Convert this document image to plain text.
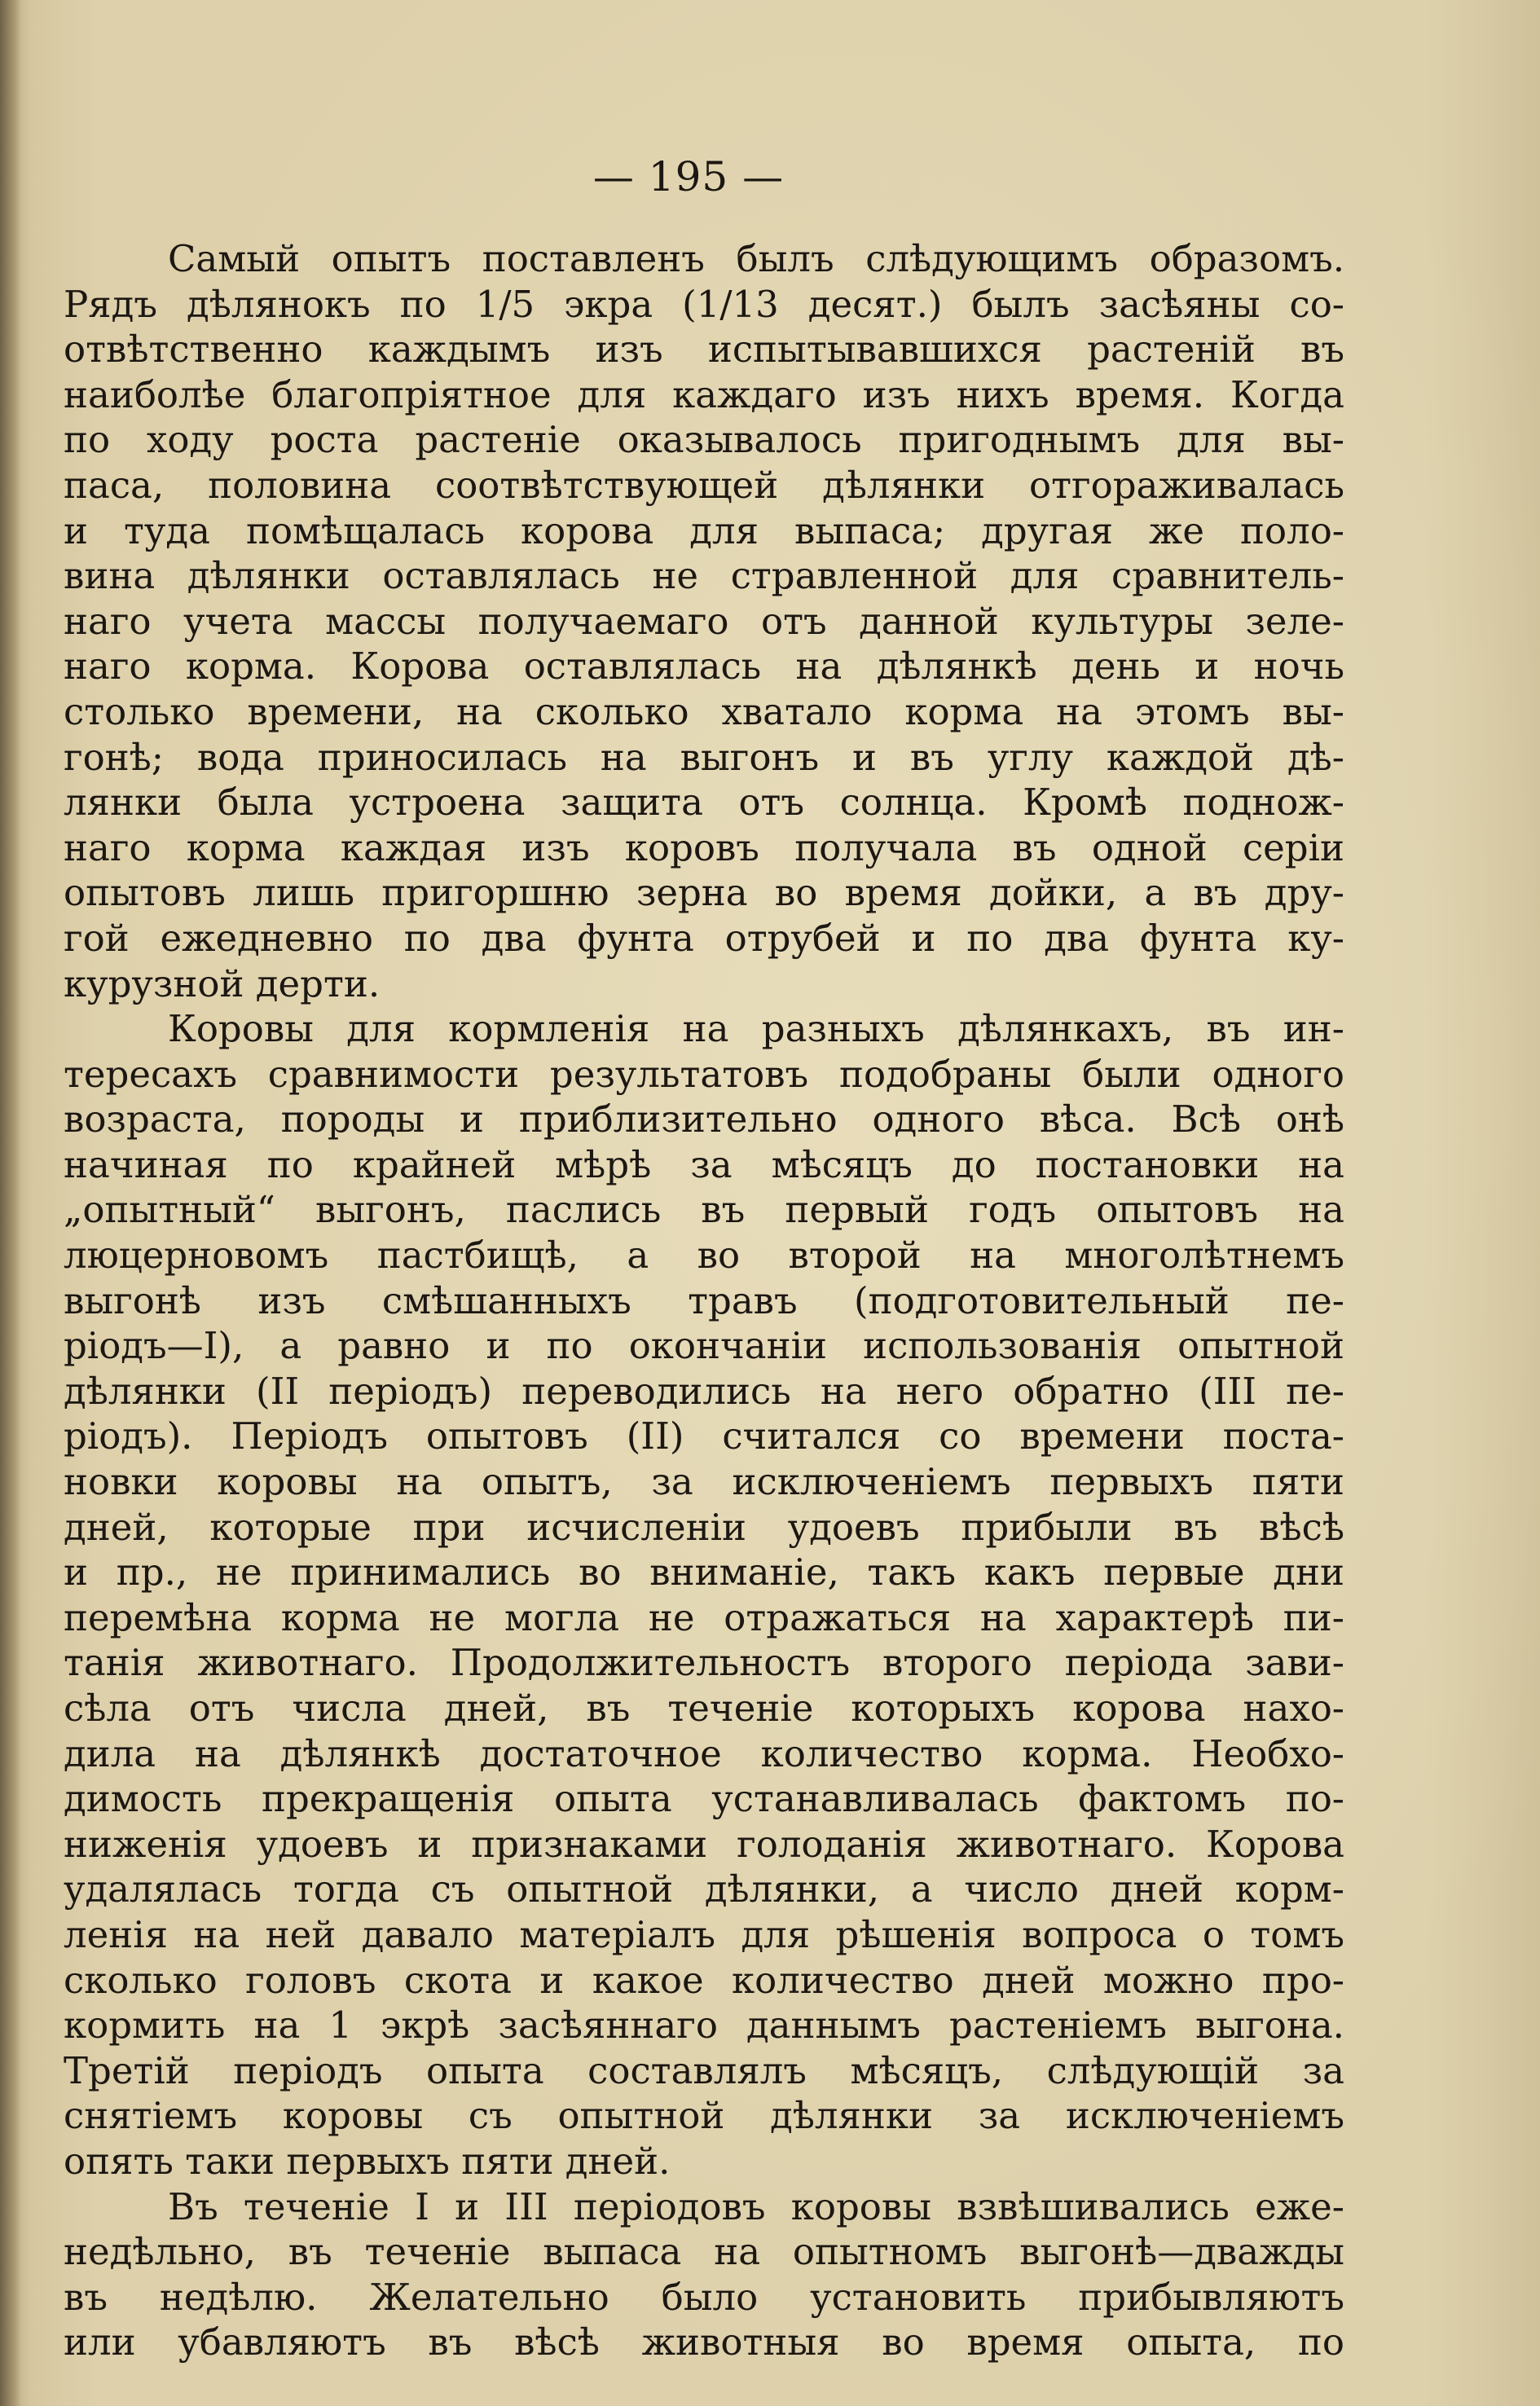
— 195 —
Самый опытъ поставленъ былъ слѣдующимъ образомъ.
Рядъ дѣлянокъ по 1/5 экра (1/13 десят.) былъ засѣяны со-
отвѣтственно каждымъ изъ испытывавшихся растеній въ
наиболѣе благопріятное для каждаго изъ нихъ время. Когда
по ходу роста растеніе оказывалось пригоднымъ для вы-
паса, половина соотвѣтствующей дѣлянки отгораживалась
и туда помѣщалась корова для выпаса; другая же поло-
вина дѣлянки оставлялась не стравленной для сравнитель-
наго учета массы получаемаго отъ данной культуры зеле-
наго корма. Корова оставлялась на дѣлянкѣ день и ночь
столько времени, на сколько хватало корма на этомъ вы-
гонѣ; вода приносилась на выгонъ и въ углу каждой дѣ-
лянки была устроена защита отъ солнца. Кромѣ поднож-
наго корма каждая изъ коровъ получала въ одной серіи
опытовъ лишь пригоршню зерна во время дойки, а въ дру-
гой ежедневно по два фунта отрубей и по два фунта ку-
курузной дерти.
Коровы для кормленія на разныхъ дѣлянкахъ, въ ин-
тересахъ сравнимости результатовъ подобраны были одного
возраста, породы и приблизительно одного вѣса. Всѣ онѣ
начиная по крайней мѣрѣ за мѣсяцъ до постановки на
„опытный“ выгонъ, паслись въ первый годъ опытовъ на
люцерновомъ пастбищѣ, а во второй на многолѣтнемъ
выгонѣ изъ смѣшанныхъ травъ (подготовительный пе-
ріодъ—I), а равно и по окончаніи использованія опытной
дѣлянки (II періодъ) переводились на него обратно (III пе-
ріодъ). Періодъ опытовъ (II) считался со времени поста-
новки коровы на опытъ, за исключеніемъ первыхъ пяти
дней, которые при исчисленіи удоевъ прибыли въ вѣсѣ
и пр., не принимались во вниманіе, такъ какъ первые дни
перемѣна корма не могла не отражаться на характерѣ пи-
танія животнаго. Продолжительностъ второго періода зави-
сѣла отъ числа дней, въ теченіе которыхъ корова нахо-
дила на дѣлянкѣ достаточное количество корма. Необхо-
димость прекращенія опыта устанавливалась фактомъ по-
ниженія удоевъ и признаками голоданія животнаго. Корова
удалялась тогда съ опытной дѣлянки, а число дней корм-
ленія на ней давало матеріалъ для рѣшенія вопроса о томъ
сколько головъ скота и какое количество дней можно про-
кормить на 1 экрѣ засѣяннаго даннымъ растеніемъ выгона.
Третій періодъ опыта составлялъ мѣсяцъ, слѣдующій за
снятіемъ коровы съ опытной дѣлянки за исключеніемъ
опять таки первыхъ пяти дней.
Въ теченіе I и III періодовъ коровы взвѣшивались еже-
недѣльно, въ теченіе выпаса на опытномъ выгонѣ—дважды
въ недѣлю. Желательно было установить прибывляютъ
или убавляютъ въ вѣсѣ животныя во время опыта, по
